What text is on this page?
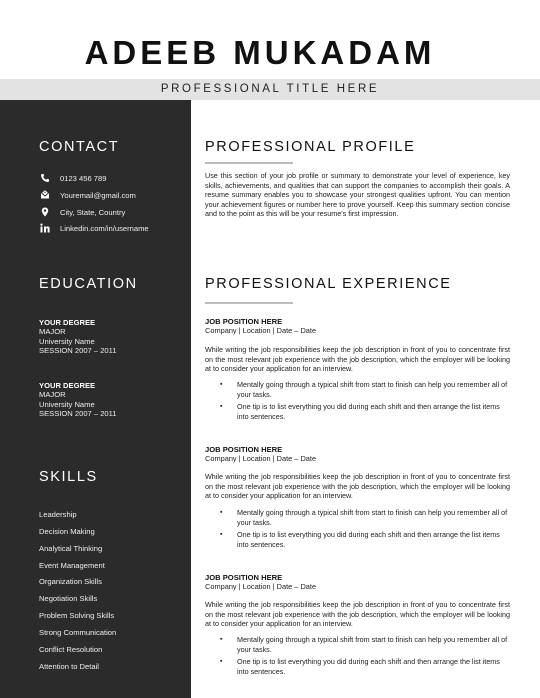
ADEEB MUKADAM
PROFESSIONAL TITLE HERE
CONTACT
0123 456 789
Youremail@gmail.com
City, State, Country
Linkedin.com/in/username
EDUCATION
YOUR DEGREE
MAJOR
University Name
SESSION 2007 – 2011
YOUR DEGREE
MAJOR
University Name
SESSION 2007 – 2011
SKILLS
Leadership
Decision Making
Analytical Thinking
Event Management
Organization Skills
Negotiation Skills
Problem Solving Skills
Strong Communication
Conflict Resolution
Attention to Detail
PROFESSIONAL PROFILE
Use this section of your job profile or summary to demonstrate your level of experience, key skills, achievements, and qualities that can support the companies to accomplish their goals. A resume summary enables you to showcase your strongest qualities upfront. You can mention your achievement figures or number here to prove yourself. Keep this summary section concise and to the point as this will be your resume's first impression.
PROFESSIONAL EXPERIENCE
JOB POSITION HERE
Company | Location | Date – Date
While writing the job responsibilities keep the job description in front of you to concentrate first on the most relevant job experience with the job description, which the employer will be looking at to consider your application for an interview.
▪ Mentally going through a typical shift from start to finish can help you remember all of your tasks.
▪ One tip is to list everything you did during each shift and then arrange the list items into sentences.
JOB POSITION HERE
Company | Location | Date – Date
While writing the job responsibilities keep the job description in front of you to concentrate first on the most relevant job experience with the job description, which the employer will be looking at to consider your application for an interview.
▪ Mentally going through a typical shift from start to finish can help you remember all of your tasks.
▪ One tip is to list everything you did during each shift and then arrange the list items into sentences.
JOB POSITION HERE
Company | Location | Date – Date
While writing the job responsibilities keep the job description in front of you to concentrate first on the most relevant job experience with the job description, which the employer will be looking at to consider your application for an interview.
▪ Mentally going through a typical shift from start to finish can help you remember all of your tasks.
▪ One tip is to list everything you did during each shift and then arrange the list items into sentences.
